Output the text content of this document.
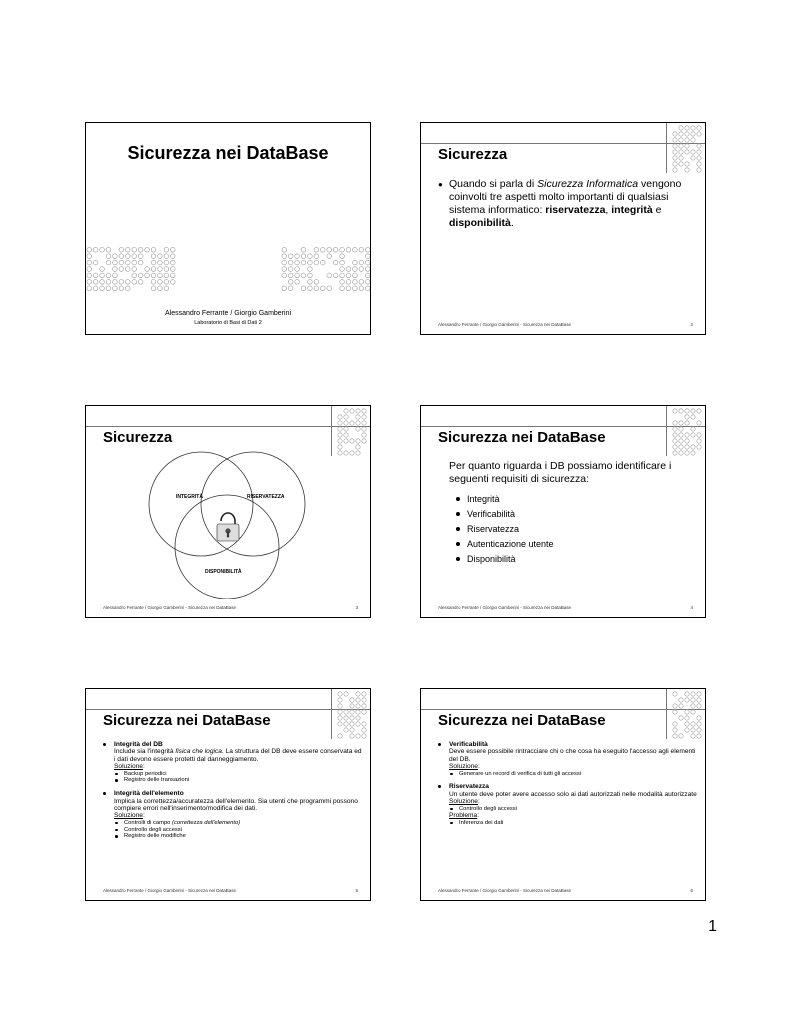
Sicurezza nei DataBase
Alessandro Ferrante / Giorgio Gamberini
Laboratorio di Basi di Dati 2
Sicurezza
● Quando si parla di Sicurezza Informatica vengono coinvolti tre aspetti molto importanti di qualsiasi sistema informatico: riservatezza, integrità e disponibilità.
Alessandro Ferrante / Giorgio Gamberini - Sicurezza nei DataBase	2
Sicurezza
INTEGRITÀ	RISERVATEZZA
DISPONIBILITÀ
Alessandro Ferrante / Giorgio Gamberini - Sicurezza nei DataBase	3
Sicurezza nei DataBase
Per quanto riguarda i DB possiamo identificare i seguenti requisiti di sicurezza:
Integrità
Verificabilità
Riservatezza
Autenticazione utente
Disponibilità
Alessandro Ferrante / Giorgio Gamberini - Sicurezza nei DataBase	4
Sicurezza nei DataBase
Integrità del DB
Include sia l'integrità fisica che logica. La struttura del DB deve essere conservata ed i dati devono essere protetti dal danneggiamento.
Soluzione:
Backup periodici
Registro delle transazioni
Integrità dell'elemento
Implica la correttezza/accuratezza dell'elemento. Sia utenti che programmi possono compiere errori nell'inserimento/modifica dei dati.
Soluzione:
Controlli di campo (correttezza dell'elemento)
Controllo degli accessi
Registro delle modifiche
Alessandro Ferrante / Giorgio Gamberini - Sicurezza nei DataBase	5
Sicurezza nei DataBase
Verificabilità
Deve essere possibile rintracciare chi o che cosa ha eseguito l'accesso agli elementi del DB.
Soluzione:
Generare un record di verifica di tutti gli accessi
Riservatezza
Un utente deve poter avere accesso solo ai dati autorizzati nelle modalità autorizzate
Soluzione:
Controllo degli accessi
Problema:
Inferenza dei dati
Alessandro Ferrante / Giorgio Gamberini - Sicurezza nei DataBase	6
1
